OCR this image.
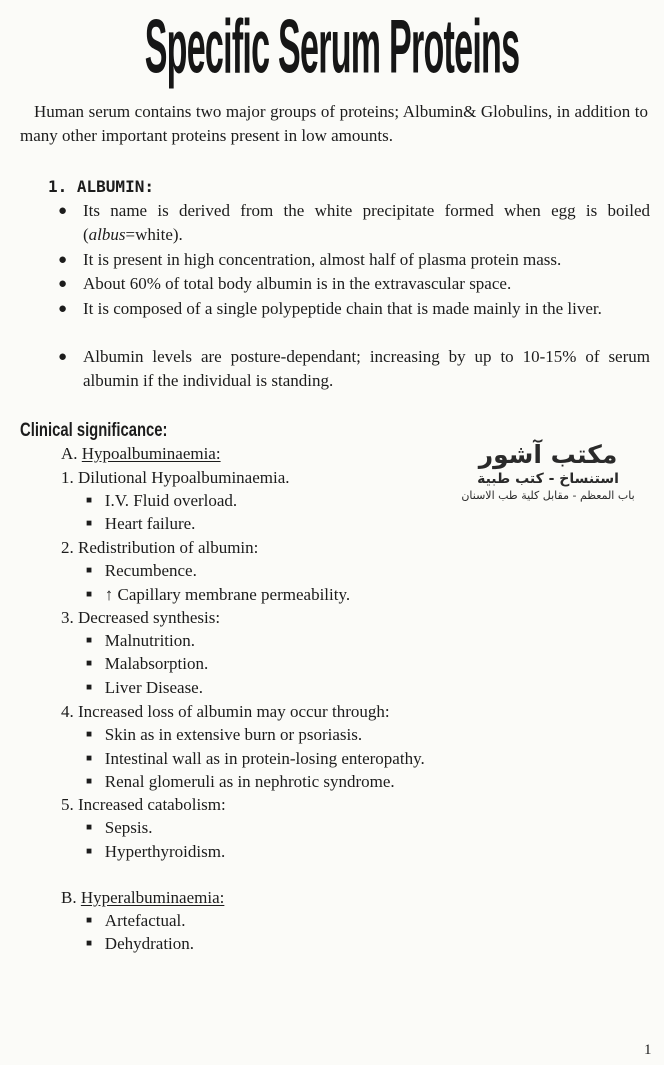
Specific Serum Proteins
Human serum contains two major groups of proteins; Albumin& Globulins, in addition to many other important proteins present in low amounts.
1. ALBUMIN:
● Its name is derived from the white precipitate formed when egg is boiled (albus=white).
● It is present in high concentration, almost half of plasma protein mass.
● About 60% of total body albumin is in the extravascular space.
● It is composed of a single polypeptide chain that is made mainly in the liver.
● Albumin levels are posture-dependant; increasing by up to 10-15% of serum albumin if the individual is standing.
Clinical significance:
A. Hypoalbuminaemia:
1. Dilutional Hypoalbuminaemia.
■ I.V. Fluid overload.
■ Heart failure.
2. Redistribution of albumin:
■ Recumbence.
■ ↑ Capillary membrane permeability.
3. Decreased synthesis:
■ Malnutrition.
■ Malabsorption.
■ Liver Disease.
4. Increased loss of albumin may occur through:
■ Skin as in extensive burn or psoriasis.
■ Intestinal wall as in protein-losing enteropathy.
■ Renal glomeruli as in nephrotic syndrome.
5. Increased catabolism:
■ Sepsis.
■ Hyperthyroidism.
B. Hyperalbuminaemia:
■ Artefactual.
■ Dehydration.
مكتب آشور
استنساخ - كتب طبية
باب المعظم - مقابل كلية طب الاسنان
1
